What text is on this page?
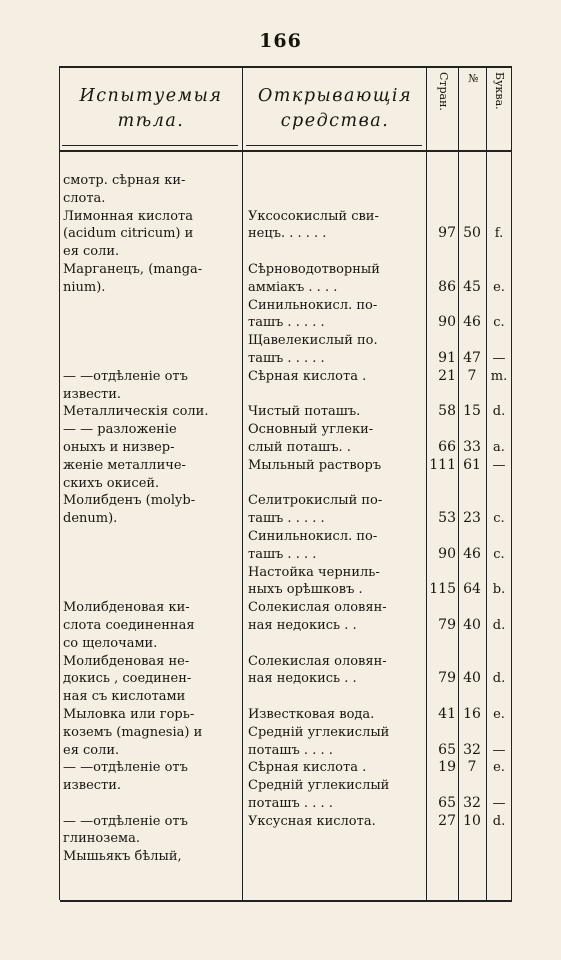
166
Испытуемыя
тѣла.
Открывающія
средства.
Стран.	№	Буква.
смотр. сѣрная ки-
слота.
Лимонная кислота	Уксосокислый сви-
(acidum citricum) и	нецъ. . . . . .	97 50	f.
ея соли.
Марганецъ, (manga-	Сѣрноводотворный
nium).	аммiакъ . . . .	86 45 e.
Синильнокисл. по-
ташъ . . . . .	90 46 c.
Щавелекислый по.
ташъ . . . . .	91 47 —
— —отдѣленіе отъ	Сѣрная кислота .	21 7	m.
извести.
Металлическія соли.	Чистый поташъ.	58 15 d.
— — разложеніе	Основный углеки-
оныхъ и низвер-	слый поташъ. .	66 33 a.
женіе металличе-	Мыльный растворъ	111 61 —
скихъ окисей.
Молибденъ (molyb-	Селитрокислый по-
denum).	ташъ . . . . .	53 23 c.
Синильнокисл. по-
ташъ . . . .	90 46 c.
Настойка черниль-
ныхъ орѣшковъ .	115 64 b.
Молибденовая ки-	Солекислая оловян-
слота соединенная	ная недокись . .	79 40 d.
со щелочами.
Молибденовая не-	Солекислая оловян-
докись , соединен-	ная недокись . .	79 40 d.
ная съ кислотами
Мыловка или горь-	Известковая вода.	41 16 e.
коземъ (magnesia) и	Средній углекислый
ея соли.	поташъ . . . .	65 32 —
— —отдѣленіе отъ	Сѣрная кислота .	19 7	e.
извести.	Средній углекислый
поташъ . . . .	65 32 —
— —отдѣленіе отъ	Уксусная кислота.	27 10 d.
глинозема.
Мышьякъ бѣлый,
